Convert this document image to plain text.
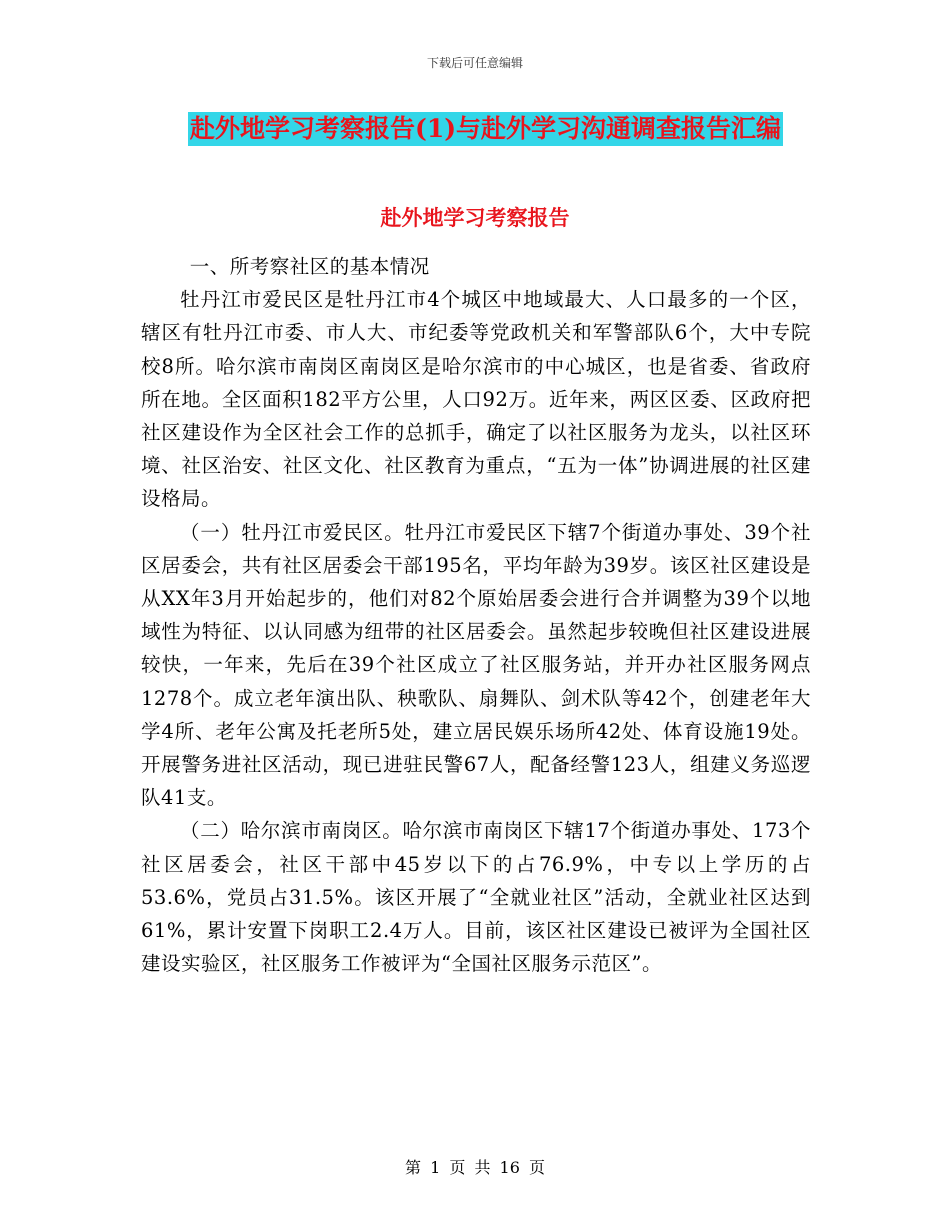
下载后可任意编辑
赴外地学习考察报告(1)与赴外学习沟通调查报告汇编
赴外地学习考察报告

一、所考察社区的基本情况

牡丹江市爱民区是牡丹江市4个城区中地域最大、人口最多的一个区，辖区有牡丹江市委、市人大、市纪委等党政机关和军警部队6个，大中专院校8所。哈尔滨市南岗区南岗区是哈尔滨市的中心城区，也是省委、省政府所在地。全区面积182平方公里，人口92万。近年来，两区区委、区政府把社区建设作为全区社会工作的总抓手，确定了以社区服务为龙头，以社区环境、社区治安、社区文化、社区教育为重点，“五为一体”协调进展的社区建设格局。

（一）牡丹江市爱民区。牡丹江市爱民区下辖7个街道办事处、39个社区居委会，共有社区居委会干部195名，平均年龄为39岁。该区社区建设是从XX年3月开始起步的，他们对82个原始居委会进行合并调整为39个以地域性为特征、以认同感为纽带的社区居委会。虽然起步较晚但社区建设进展较快，一年来，先后在39个社区成立了社区服务站，并开办社区服务网点1278个。成立老年演出队、秧歌队、扇舞队、剑术队等42个，创建老年大学4所、老年公寓及托老所5处，建立居民娱乐场所42处、体育设施19处。开展警务进社区活动，现已进驻民警67人，配备经警123人，组建义务巡逻队41支。

（二）哈尔滨市南岗区。哈尔滨市南岗区下辖17个街道办事处、173个社区居委会，社区干部中45岁以下的占76.9%，中专以上学历的占53.6%，党员占31.5%。该区开展了“全就业社区”活动，全就业社区达到61%，累计安置下岗职工2.4万人。目前，该区社区建设已被评为全国社区建设实验区，社区服务工作被评为“全国社区服务示范区”。

第 1 页 共 16 页
